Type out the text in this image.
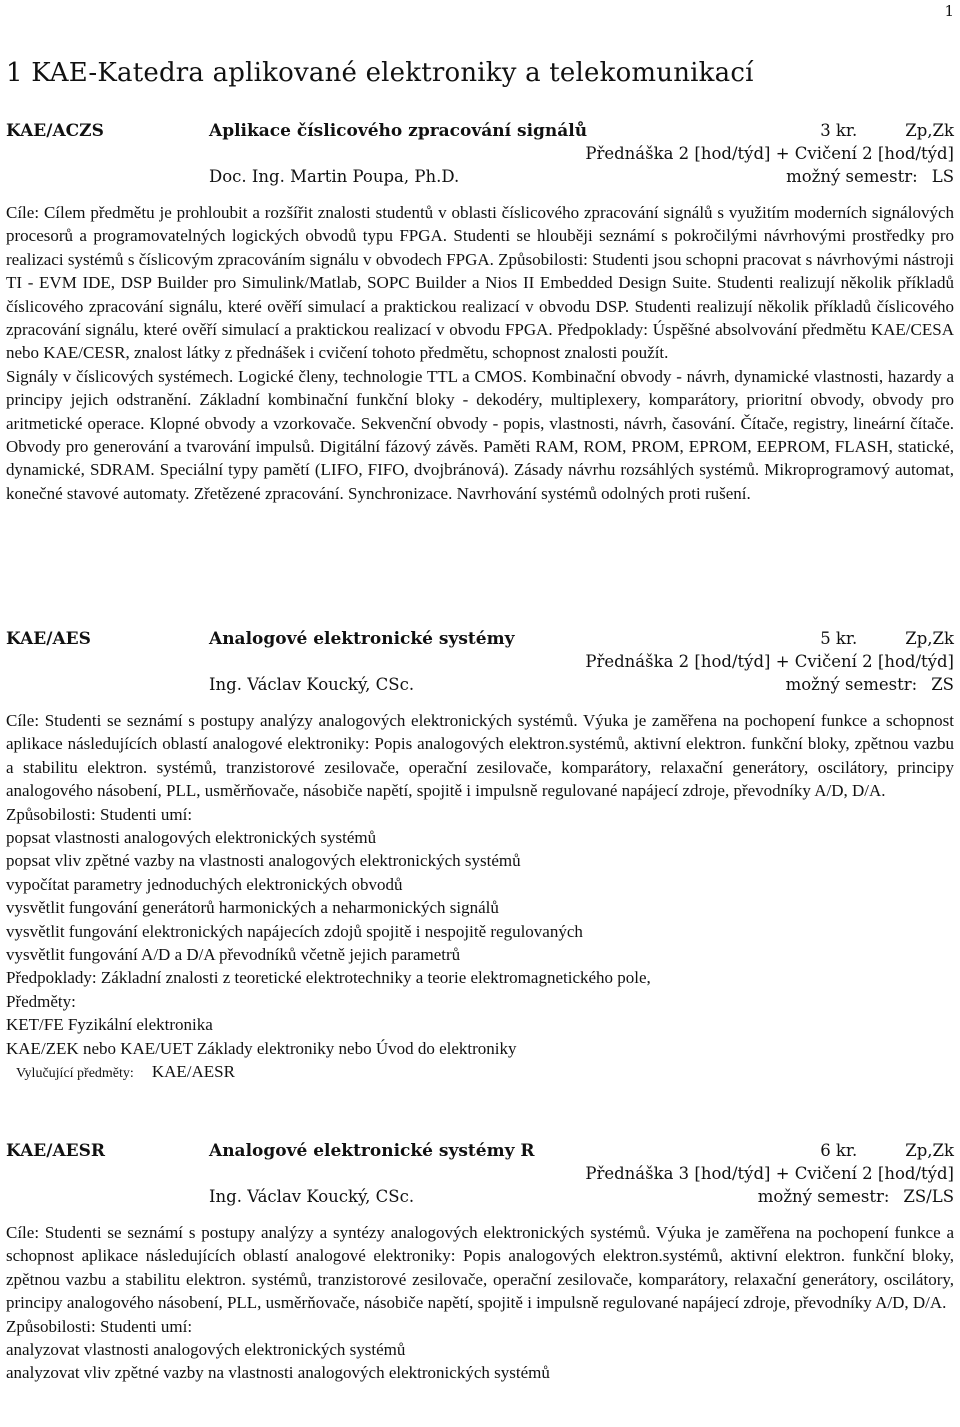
1
1 KAE-Katedra aplikované elektroniky a telekomunikací
KAE/ACZS	Aplikace číslicového zpracování signálů	3 kr.	Zp,Zk
Přednáška 2 [hod/týd] + Cvičení 2 [hod/týd]
Doc. Ing. Martin Poupa, Ph.D.	možný semestr: LS

Cíle: Cílem předmětu je prohloubit a rozšířit znalosti studentů v oblasti číslicového zpracování signálů s využitím moderních signálových procesorů a programovatelných logických obvodů typu FPGA. Studenti se hlouběji seznámí s pokročilými návrhovými prostředky pro realizaci systémů s číslicovým zpracováním signálu v obvodech FPGA. Způsobilosti: Studenti jsou schopni pracovat s návrhovými nástroji TI - EVM IDE, DSP Builder pro Simulink/Matlab, SOPC Builder a Nios II Embedded Design Suite. Studenti realizují několik příkladů číslicového zpracování signálu, které ověří simulací a praktickou realizací v obvodu DSP. Studenti realizují několik příkladů číslicového zpracování signálu, které ověří simulací a praktickou realizací v obvodu FPGA. Předpoklady: Úspěšné absolvování předmětu KAE/CESA nebo KAE/CESR, znalost látky z přednášek i cvičení tohoto předmětu, schopnost znalosti použít.

Signály v číslicových systémech. Logické členy, technologie TTL a CMOS. Kombinační obvody - návrh, dynamické vlastnosti, hazardy a principy jejich odstranění. Základní kombinační funkční bloky - dekodéry, multiplexery, komparátory, prioritní obvody, obvody pro aritmetické operace. Klopné obvody a vzorkovače. Sekvenční obvody - popis, vlastnosti, návrh, časování. Čítače, registry, lineární čítače. Obvody pro generování a tvarování impulsů. Digitální fázový závěs. Paměti RAM, ROM, PROM, EPROM, EEPROM, FLASH, statické, dynamické, SDRAM. Speciální typy pamětí (LIFO, FIFO, dvojbránová). Zásady návrhu rozsáhlých systémů. Mikroprogramový automat, konečné stavové automaty. Zřetězené zpracování. Synchronizace. Navrhování systémů odolných proti rušení.

KAE/AES	Analogové elektronické systémy	5 kr.	Zp,Zk
Přednáška 2 [hod/týd] + Cvičení 2 [hod/týd]
Ing. Václav Koucký, CSc.	možný semestr: ZS

Cíle: Studenti se seznámí s postupy analýzy analogových elektronických systémů. Výuka je zaměřena na pochopení funkce a schopnost aplikace následujících oblastí analogové elektroniky: Popis analogových elektron.systémů, aktivní elektron. funkční bloky, zpětnou vazbu a stabilitu elektron. systémů, tranzistorové zesilovače, operační zesilovače, komparátory, relaxační generátory, oscilátory, principy analogového násobení, PLL, usměrňovače, násobiče napětí, spojitě i impulsně regulované napájecí zdroje, převodníky A/D, D/A.

Způsobilosti: Studenti umí:

popsat vlastnosti analogových elektronických systémů

popsat vliv zpětné vazby na vlastnosti analogových elektronických systémů

vypočítat parametry jednoduchých elektronických obvodů

vysvětlit fungování generátorů harmonických a neharmonických signálů

vysvětlit fungování elektronických napájecích zdojů spojitě i nespojitě regulovaných

vysvětlit fungování A/D a D/A převodníků včetně jejich parametrů

Předpoklady: Základní znalosti z teoretické elektrotechniky a teorie elektromagnetického pole,

Předměty:

KET/FE Fyzikální elektronika

KAE/ZEK nebo KAE/UET Základy elektroniky nebo Úvod do elektroniky

Vylučující předměty: KAE/AESR
KAE/AESR	Analogové elektronické systémy R	6 kr.	Zp,Zk
Přednáška 3 [hod/týd] + Cvičení 2 [hod/týd]
Ing. Václav Koucký, CSc.	možný semestr: ZS/LS

Cíle: Studenti se seznámí s postupy analýzy a syntézy analogových elektronických systémů. Výuka je zaměřena na pochopení funkce a schopnost aplikace následujících oblastí analogové elektroniky: Popis analogových elektron.systémů, aktivní elektron. funkční bloky, zpětnou vazbu a stabilitu elektron. systémů, tranzistorové zesilovače, operační zesilovače, komparátory, relaxační generátory, oscilátory, principy analogového násobení, PLL, usměrňovače, násobiče napětí, spojitě i impulsně regulované napájecí zdroje, převodníky A/D, D/A.

Způsobilosti: Studenti umí:

analyzovat vlastnosti analogových elektronických systémů

analyzovat vliv zpětné vazby na vlastnosti analogových elektronických systémů
